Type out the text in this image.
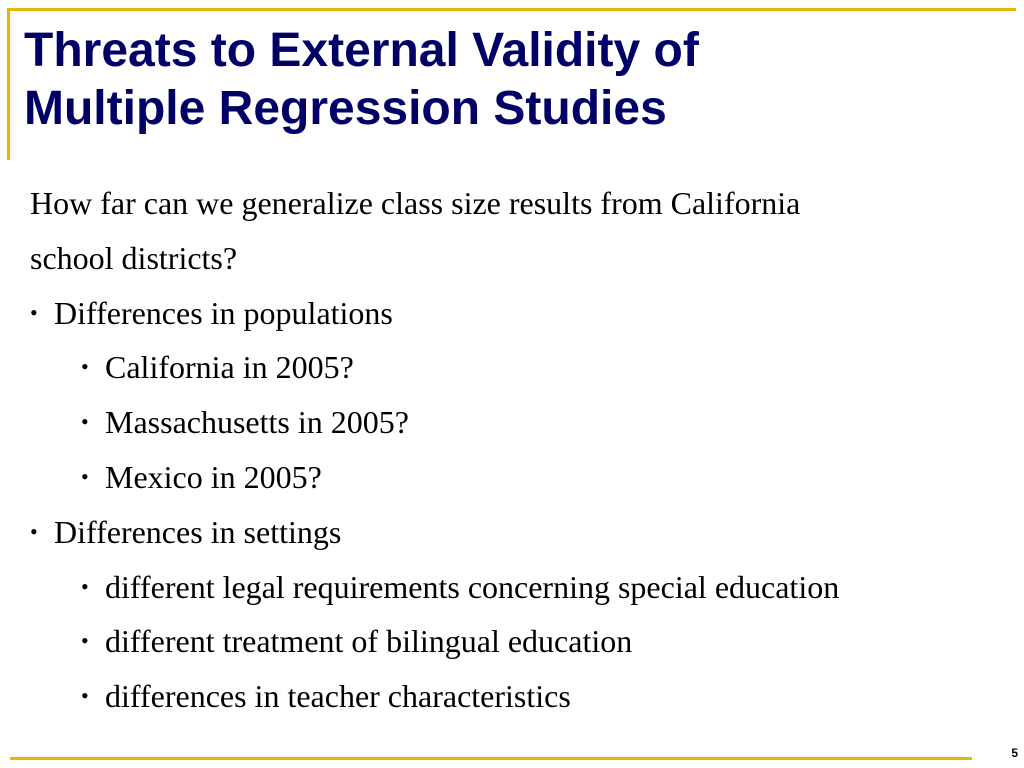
Threats to External Validity of
Multiple Regression Studies
How far can we generalize class size results from California
school districts?
• Differences in populations
• California in 2005?
• Massachusetts in 2005?
• Mexico in 2005?
• Differences in settings
• different legal requirements concerning special education
• different treatment of bilingual education
• differences in teacher characteristics
5
